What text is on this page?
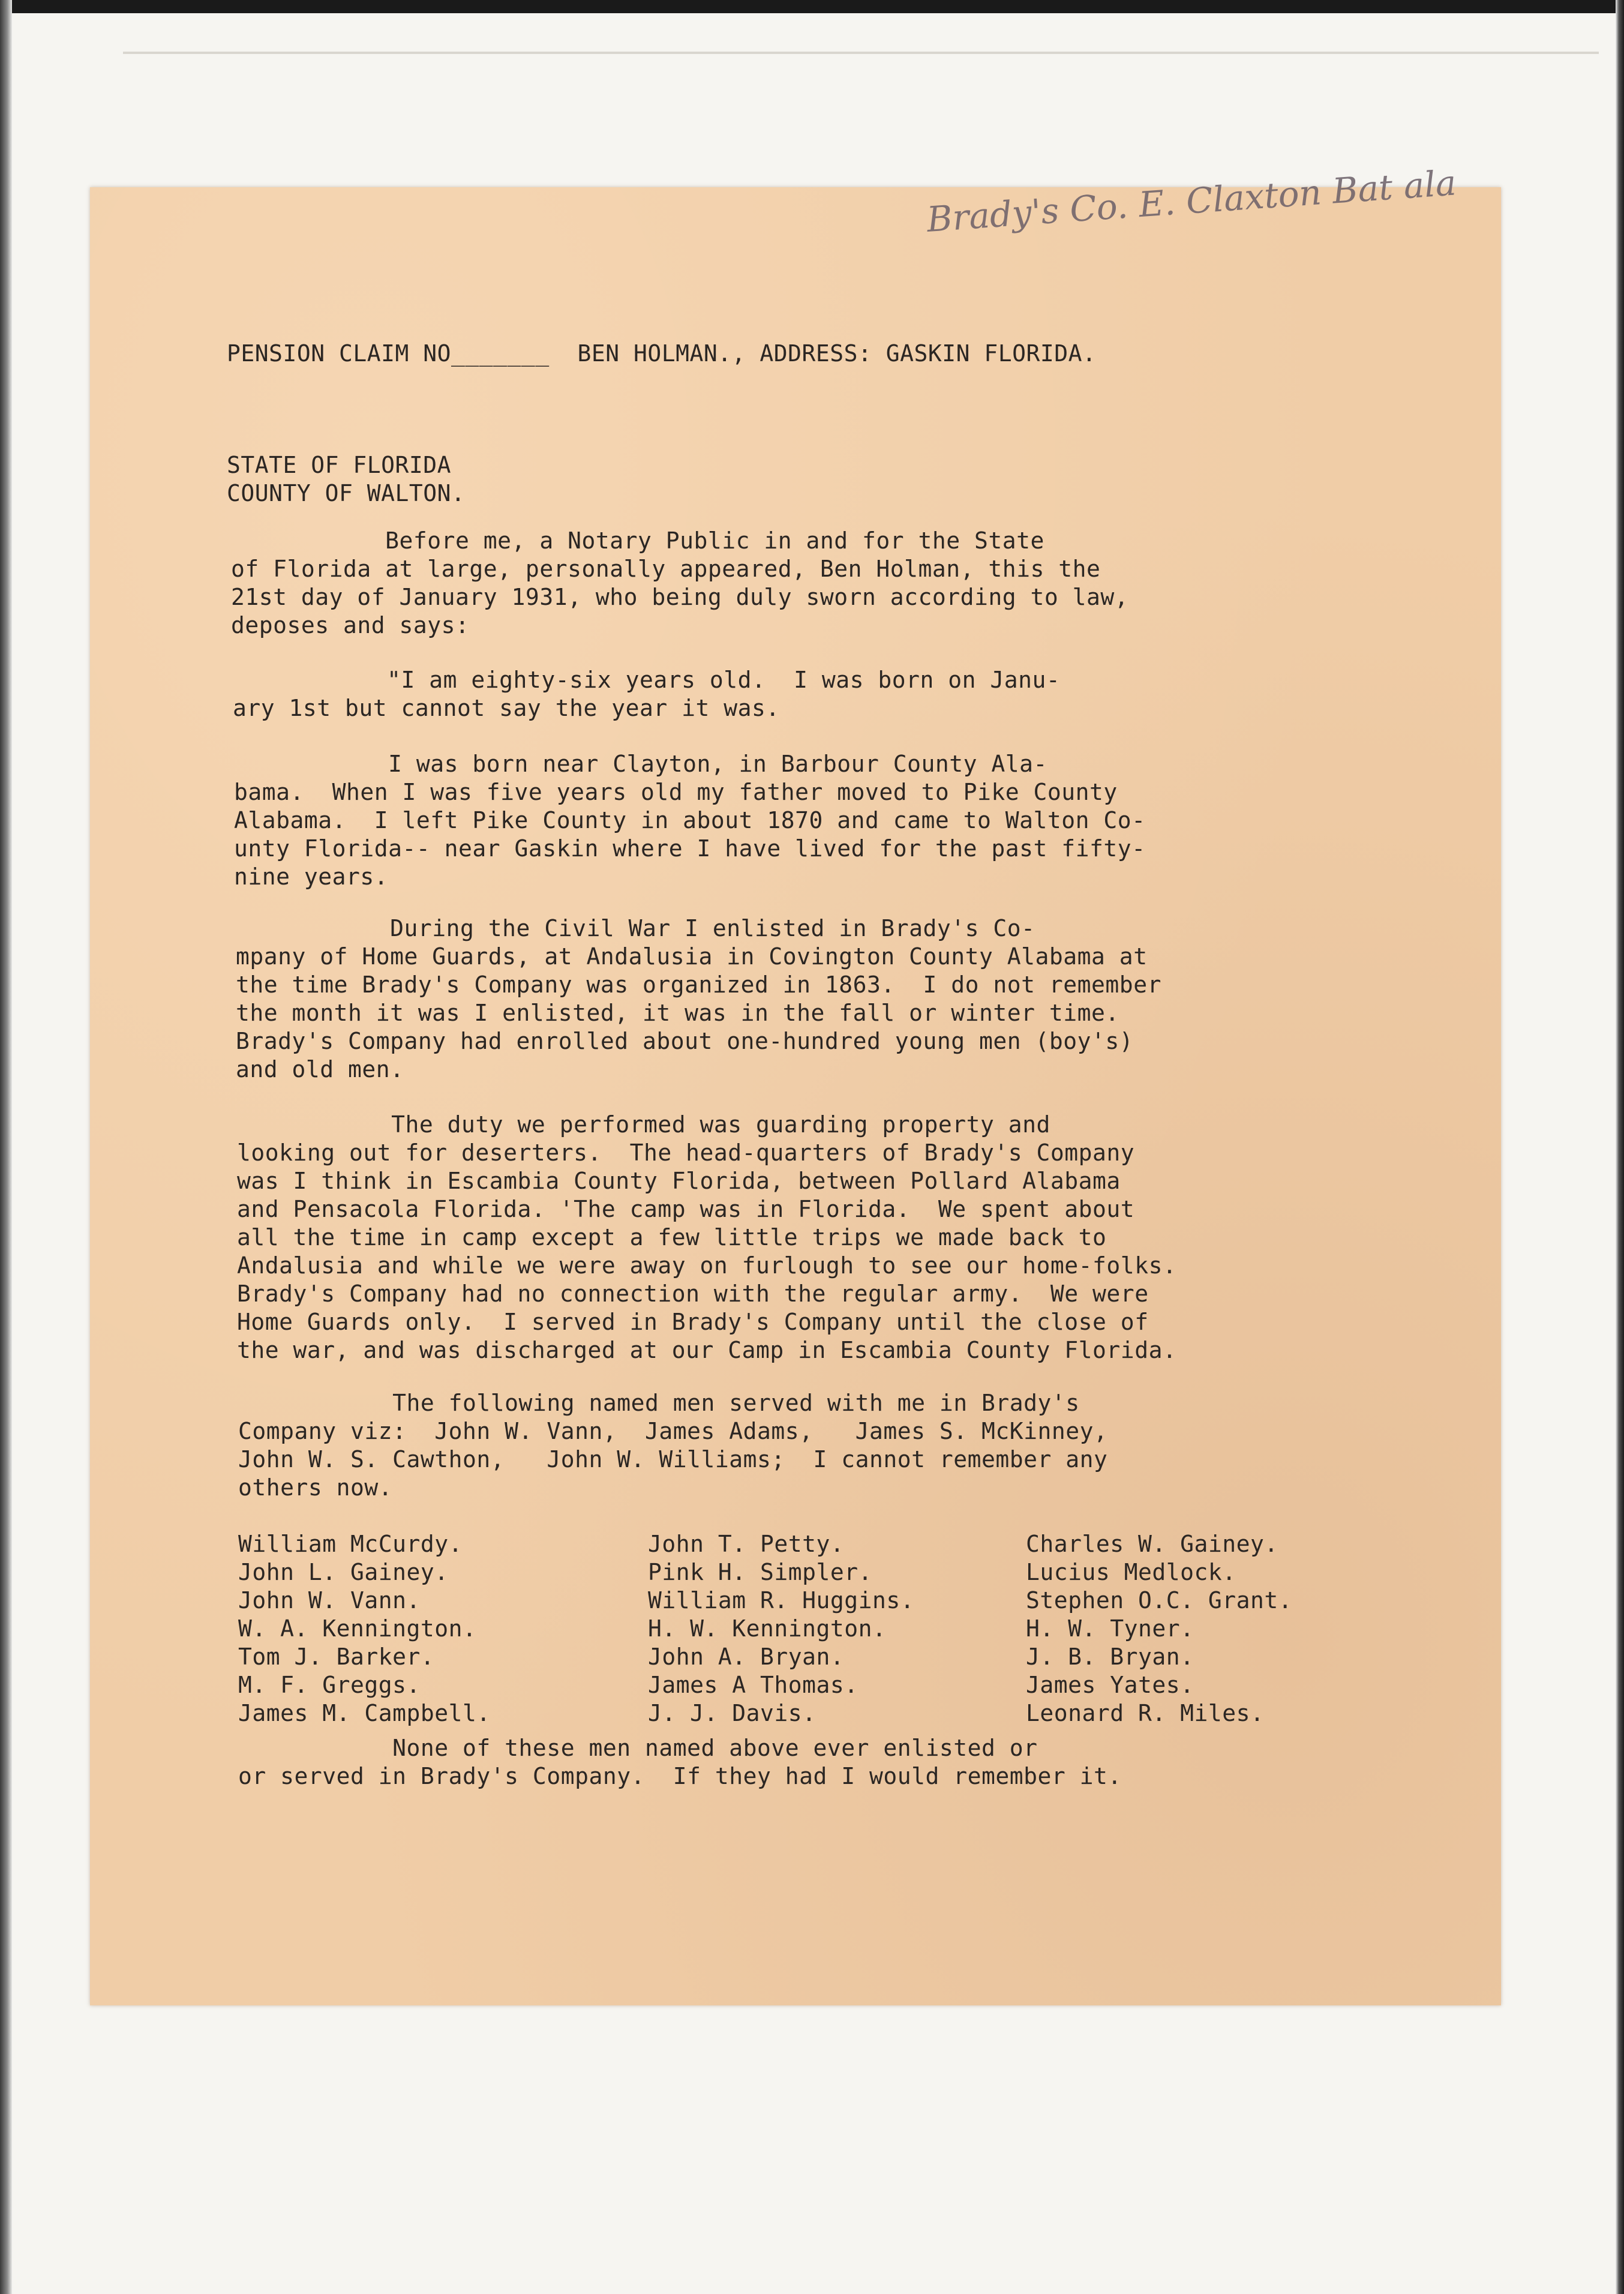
Brady's Co. E. Claxton Bat ala
PENSION CLAIM NO_______  BEN HOLMAN., ADDRESS: GASKIN FLORIDA.
STATE OF FLORIDA
COUNTY OF WALTON.
Before me, a Notary Public in and for the State
of Florida at large, personally appeared, Ben Holman, this the
21st day of January 1931, who being duly sworn according to law,
deposes and says:
"I am eighty-six years old.  I was born on Janu-
ary 1st but cannot say the year it was.
I was born near Clayton, in Barbour County Ala-
bama.  When I was five years old my father moved to Pike County
Alabama.  I left Pike County in about 1870 and came to Walton Co-
unty Florida-- near Gaskin where I have lived for the past fifty-
nine years.
During the Civil War I enlisted in Brady's Co-
mpany of Home Guards, at Andalusia in Covington County Alabama at
the time Brady's Company was organized in 1863.  I do not remember
the month it was I enlisted, it was in the fall or winter time.
Brady's Company had enrolled about one-hundred young men (boy's)
and old men.
The duty we performed was guarding property and
looking out for deserters.  The head-quarters of Brady's Company
was I think in Escambia County Florida, between Pollard Alabama
and Pensacola Florida. 'The camp was in Florida.  We spent about
all the time in camp except a few little trips we made back to
Andalusia and while we were away on furlough to see our home-folks.
Brady's Company had no connection with the regular army.  We were
Home Guards only.  I served in Brady's Company until the close of
the war, and was discharged at our Camp in Escambia County Florida.
The following named men served with me in Brady's
Company viz:  John W. Vann,  James Adams,   James S. McKinney,
John W. S. Cawthon,   John W. Williams;  I cannot remember any
others now.
William McCurdy.
John L. Gainey.
John W. Vann.
W. A. Kennington.
Tom J. Barker.
M. F. Greggs.
James M. Campbell.
John T. Petty.
Pink H. Simpler.
William R. Huggins.
H. W. Kennington.
John A. Bryan.
James A Thomas.
J. J. Davis.
Charles W. Gainey.
Lucius Medlock.
Stephen O.C. Grant.
H. W. Tyner.
J. B. Bryan.
James Yates.
Leonard R. Miles.
None of these men named above ever enlisted or
or served in Brady's Company.  If they had I would remember it.
